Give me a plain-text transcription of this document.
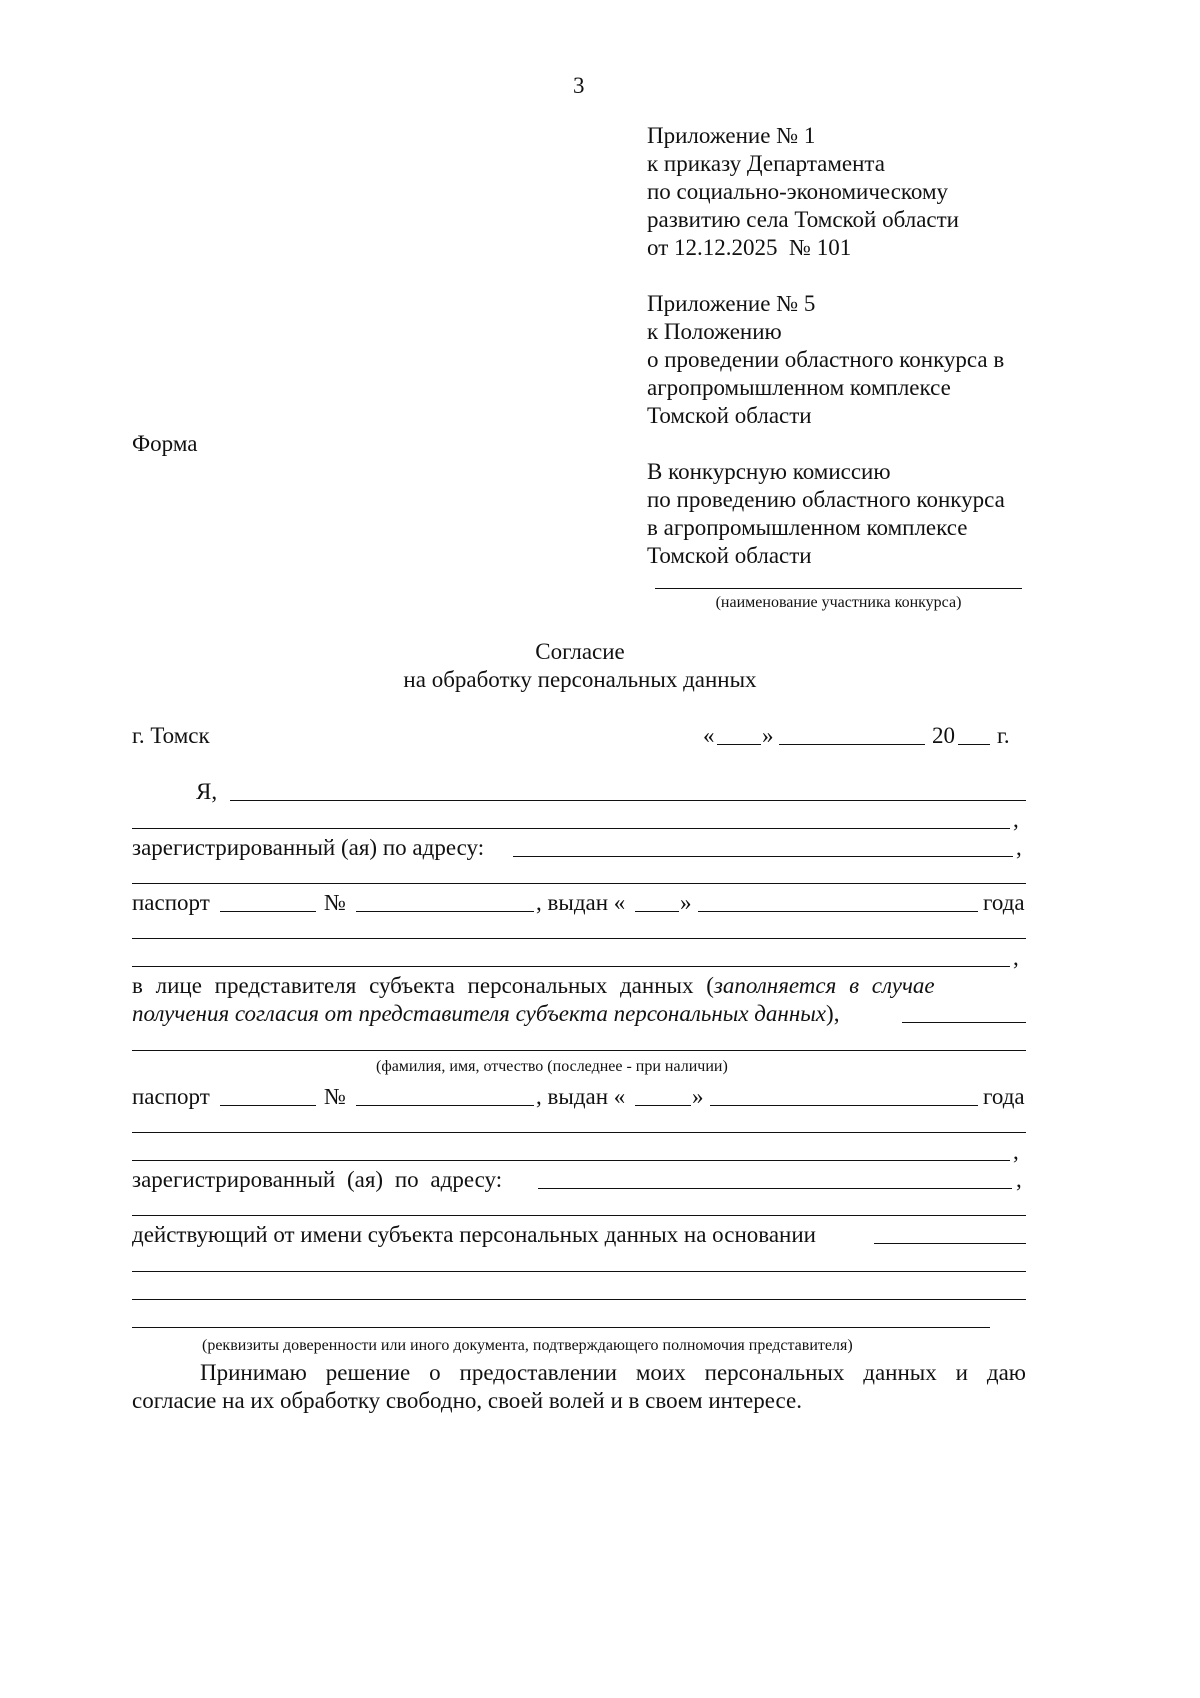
3
Приложение № 1
к приказу Департамента
по социально-экономическому
развитию села Томской области
от 12.12.2025  № 101
Приложение № 5
к Положению
о проведении областного конкурса в
агропромышленном комплексе
Томской области
Форма
В конкурсную комиссию
по проведению областного конкурса
в агропромышленном комплексе
Томской области
(наименование участника конкурса)
Согласие
на обработку персональных данных
г. Томск	« »	20 г.
Я,
,
зарегистрированный (ая) по адресу:	,
паспорт	№	, выдан « »	года
,
в лице представителя субъекта персональных данных (заполняется в случае
получения согласия от представителя субъекта персональных данных),
(фамилия, имя, отчество (последнее - при наличии)
паспорт	№	, выдан «	»	года
,
зарегистрированный (ая) по адресу:	,
действующий от имени субъекта персональных данных на основании
(реквизиты доверенности или иного документа, подтверждающего полномочия представителя)
Принимаю решение о предоставлении моих персональных данных и даю
согласие на их обработку свободно, своей волей и в своем интересе.
